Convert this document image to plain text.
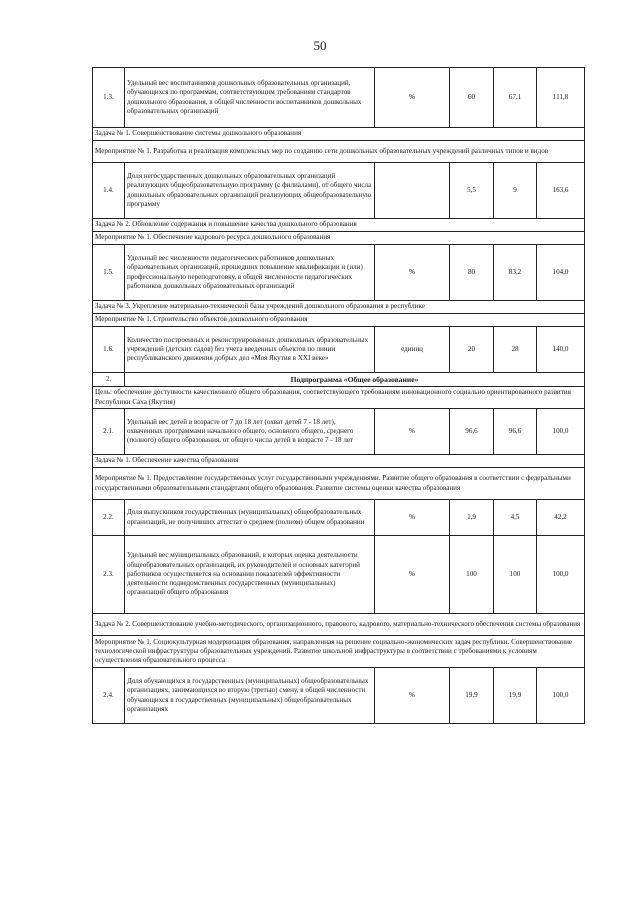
50
1.3.	Удельный вес воспитанников дошкольных образовательных организаций, обучающихся по программам, соответствующим требованиям стандартов дошкольного образования, в общей численности воспитанников дошкольных образовательных организаций	%	60	67,1	111,8
Задача № 1. Совершенствование системы дошкольного образования					
Мероприятие № 1. Разработка и реализация комплексных мер по созданию сети дошкольных образовательных учреждений различных типов и видов					
1.4.	Доля негосударственных дошкольных образовательных организаций реализующих общеобразовательную программу (с филиалами), от общего числа дошкольных образовательных организаций реализующих общеобразовательную программу		5,5	9	163,6
Задача № 2. Обновление содержания и повышение качества дошкольного образования					
Мероприятие № 1. Обеспечение кадрового ресурса дошкольного образования					
1.5.	Удельный вес численности педагогических работников дошкольных образовательных организаций, прошедших повышение квалификации и (или) профессиональную переподготовку, в общей численности педагогических работников дошкольных образовательных организаций	%	80	83,2	104,0
Задача № 3. Укрепление материально-технической базы учреждений дошкольного образования в республике					
Мероприятие № 1. Строительство объектов дошкольного образования					
1.6.	Количество построенных и реконструированных дошкольных образовательных учреждений (детских садов) без учета введенных объектов по линии республиканского движения добрых дел «Моя Якутия в XXI веке»	единиц	20	28	140,0
2.	Подпрограмма «Общее образование»				
Цель: обеспечение доступности качественного общего образования, соответствующего требованиям инновационного социально ориентированного развития Республики Саха (Якутия)					
2.1.	Удельный вес детей в возрасте от 7 до 18 лет (охват детей 7 - 18 лет), охваченных программами начального общего, основного общего, среднего (полного) общего образования, от общего числа детей в возрасте 7 - 18 лет	%	96,6	96,6	100,0
Задача № 1. Обеспечение качества образования					
Мероприятие № 1. Предоставление государственных услуг государственными учреждениями. Развитие общего образования в соответствии с федеральными государственными образовательными стандартами общего образования. Развитие системы оценки качества образования					
2.2.	Доля выпускников государственных (муниципальных) общеобразовательных организаций, не получивших аттестат о среднем (полном) общем образовании	%	1,9	4,5	42,2
2.3.	Удельный вес муниципальных образований, в которых оценка деятельности общеобразовательных организаций, их руководителей и основных категорий работников осуществляется на основании показателей эффективности деятельности подведомственных государственных (муниципальных) организаций общего образования	%	100	100	100,0
Задача № 2. Совершенствование учебно-методического, организационного, правового, кадрового, материально-технического обеспечения системы образования					
Мероприятие № 1. Социокультурная модернизация образования, направленная на решение социально-экономических задач республики. Совершенствование технологической инфраструктуры образовательных учреждений. Развитие школьной инфраструктуры в соответствии с требованиями к условиям осуществления образовательного процесса					
2.4.	Доля обучающихся в государственных (муниципальных) общеобразовательных организациях, занимающихся во вторую (третью) смену, в общей численности обучающихся в государственных (муниципальных) общеобразовательных организациях	%	19,9	19,9	100,0
